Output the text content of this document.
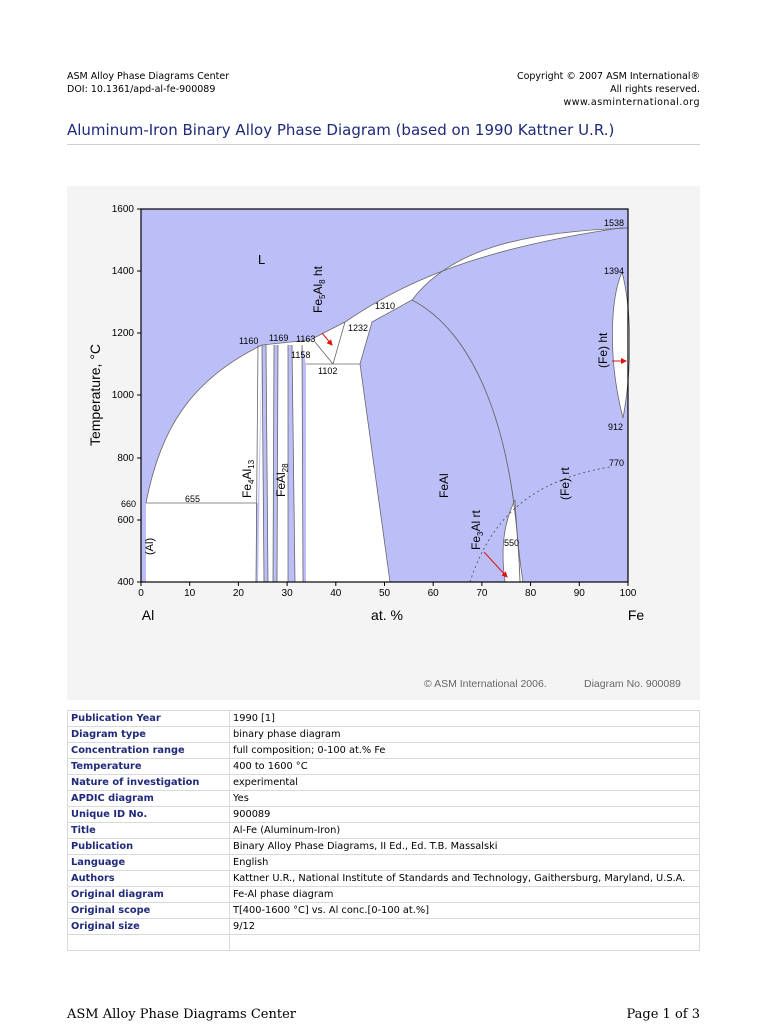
ASM Alloy Phase Diagrams Center
DOI: 10.1361/apd-al-fe-900089
Copyright © 2007 ASM International®
All rights reserved.
www.asminternational.org
Aluminum-Iron Binary Alloy Phase Diagram (based on 1990 Kattner U.R.)
0	10	20	30	40	50	60	70	80	90	100
400
600
800
1000
1200
1400
1600
Temperature, °C
at. %
Al	Fe
1538
1394
1310
1232
1169 1163
1160
1158
1102
912
770
660	655
550
L
(Al)
FeAl	(Fe) rt
(Fe) ht
$Fe_4Al_{13}$
FeAl$_{28}$
$Fe_5Al_8$ ht
$Fe_3Al$ rt
© ASM International 2006.	Diagram No. 900089
Publication Year	1990 [1]
Diagram type	binary phase diagram
Concentration range	full composition; 0-100 at.% Fe
Temperature	400 to 1600 °C
Nature of investigation	experimental
APDIC diagram	Yes
Unique ID No.	900089
Title	Al-Fe (Aluminum-Iron)
Publication	Binary Alloy Phase Diagrams, II Ed., Ed. T.B. Massalski
Language	English
Authors	Kattner U.R., National Institute of Standards and Technology, Gaithersburg, Maryland, U.S.A.
Original diagram	Fe-Al phase diagram
Original scope	T[400-1600 °C] vs. Al conc.[0-100 at.%]
Original size	9/12

ASM Alloy Phase Diagrams Center	Page 1 of 3
